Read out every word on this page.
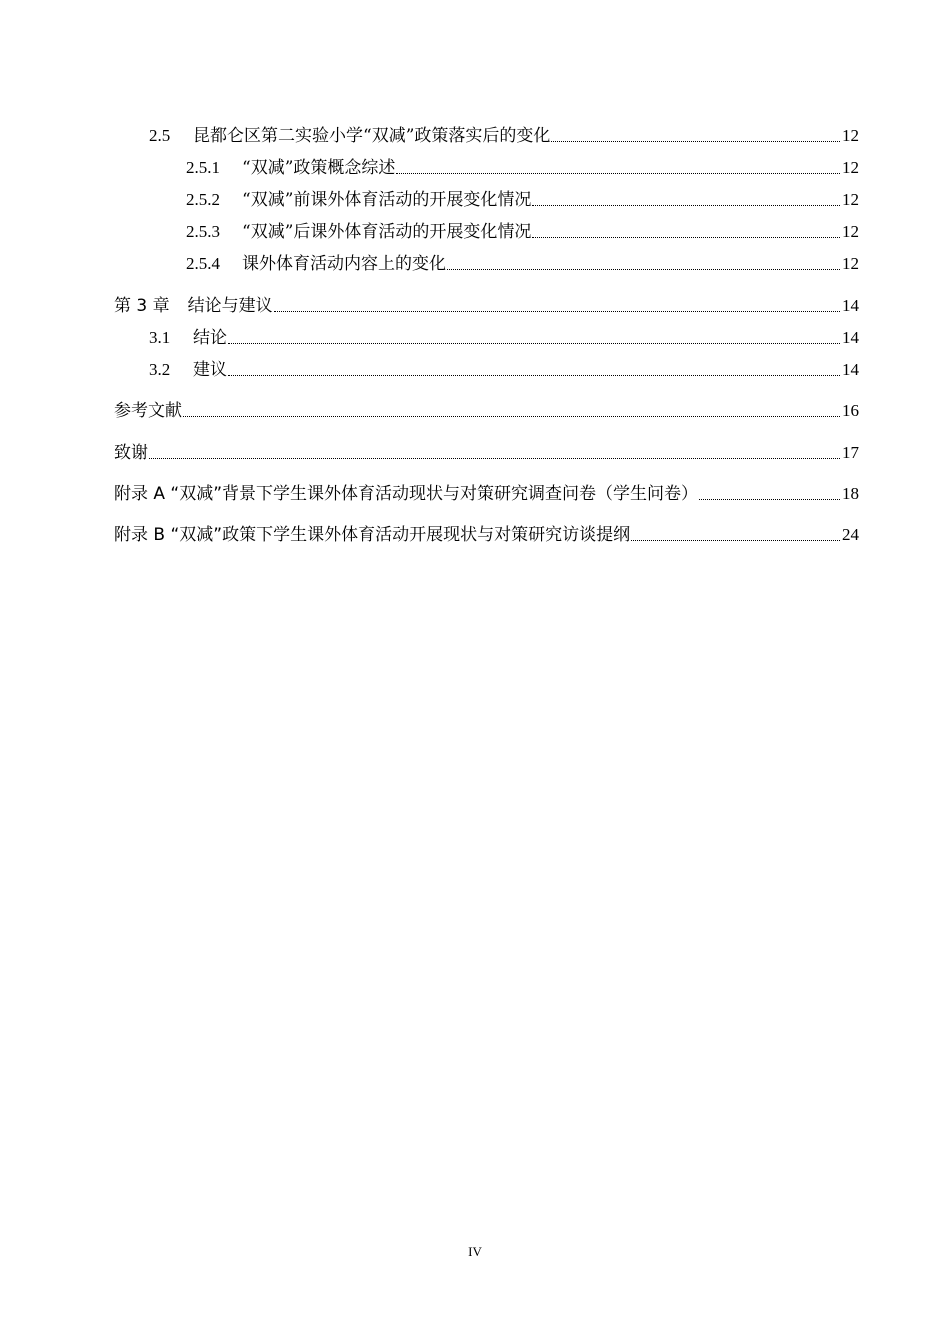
2.5	昆都仑区第二实验小学“双减”政策落实后的变化	12
2.5.1	“双减”政策概念综述	12
2.5.2	“双减”前课外体育活动的开展变化情况	12
2.5.3	“双减”后课外体育活动的开展变化情况	12
2.5.4	课外体育活动内容上的变化	12
第 3 章 结论与建议	14
3.1	结论	14
3.2	建议	14
参考文献	16
致谢	17
附录 A “双减”背景下学生课外体育活动现状与对策研究调查问卷（学生问卷）	18
附录 B “双减”政策下学生课外体育活动开展现状与对策研究访谈提纲	24
IV
